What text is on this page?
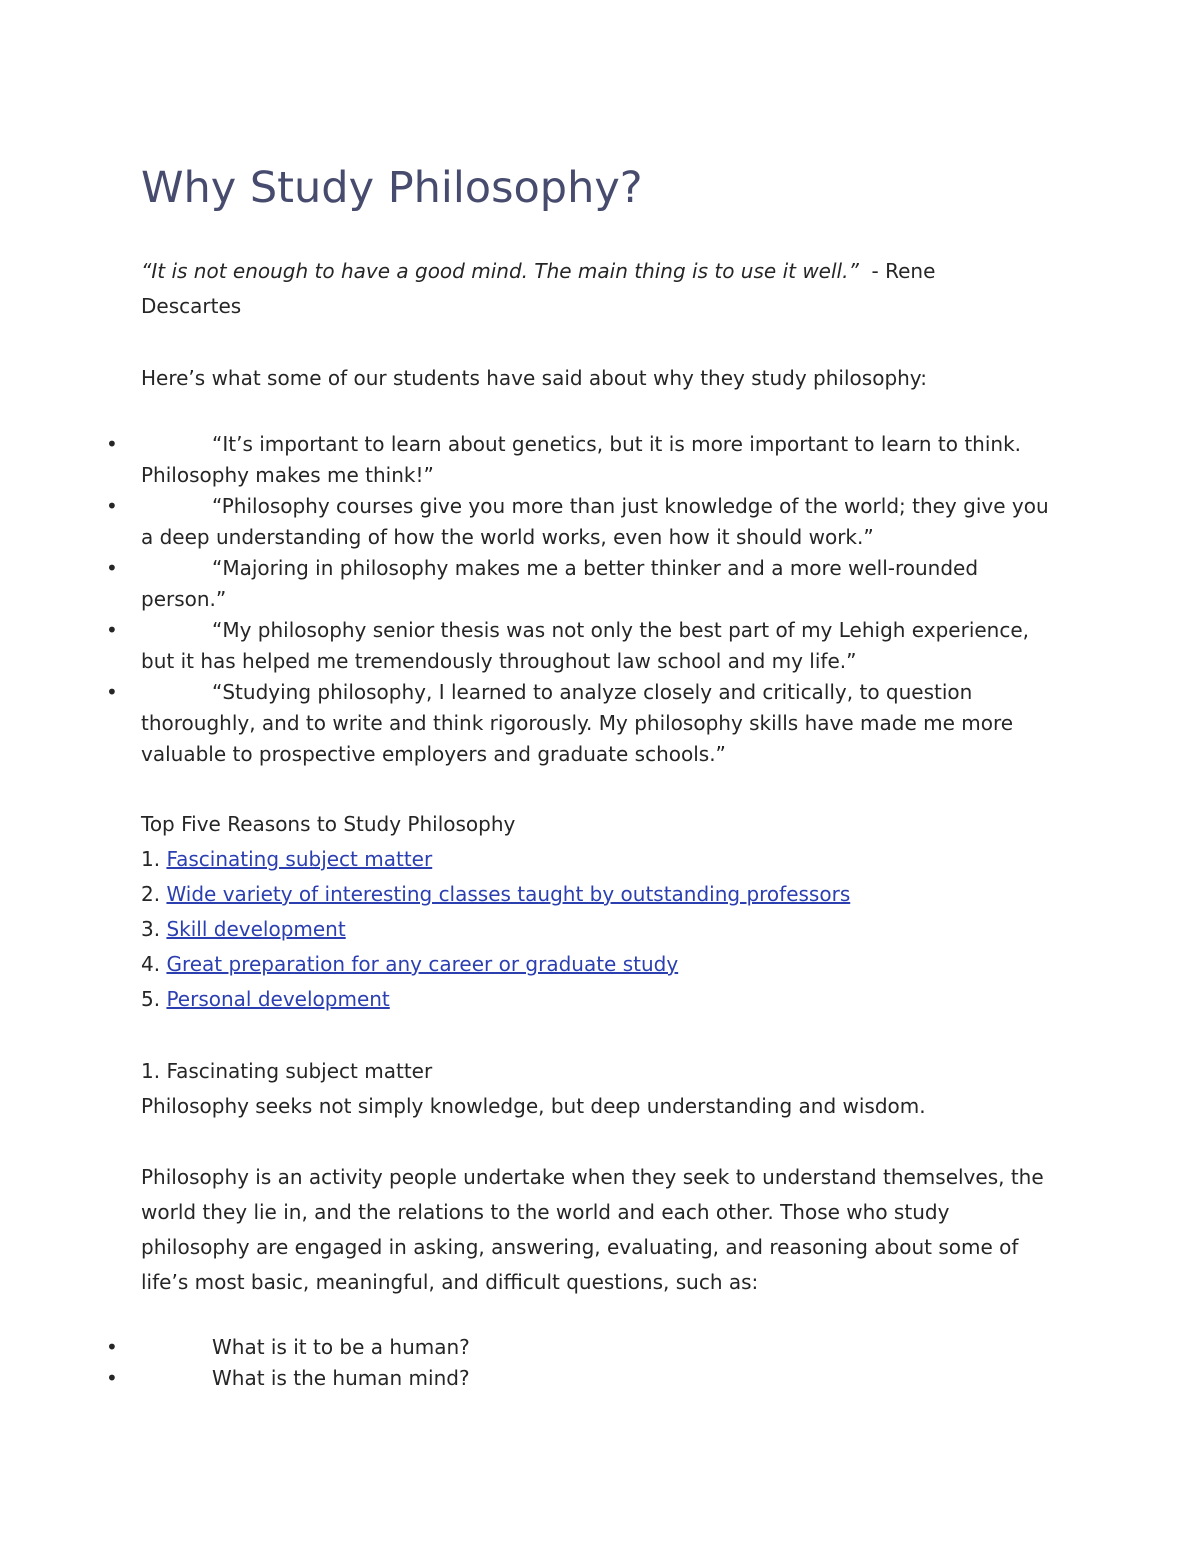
Why Study Philosophy?
“It is not enough to have a good mind. The main thing is to use it well.” - Rene Descartes
Here’s what some of our students have said about why they study philosophy:
•	“It’s important to learn about genetics, but it is more important to learn to think. Philosophy makes me think!”
•	“Philosophy courses give you more than just knowledge of the world; they give you a deep understanding of how the world works, even how it should work.”
•	“Majoring in philosophy makes me a better thinker and a more well-rounded person.”
•	“My philosophy senior thesis was not only the best part of my Lehigh experience, but it has helped me tremendously throughout law school and my life.”
•	“Studying philosophy, I learned to analyze closely and critically, to question thoroughly, and to write and think rigorously. My philosophy skills have made me more valuable to prospective employers and graduate schools.”
Top Five Reasons to Study Philosophy
1. Fascinating subject matter
2. Wide variety of interesting classes taught by outstanding professors
3. Skill development
4. Great preparation for any career or graduate study
5. Personal development
1. Fascinating subject matter
Philosophy seeks not simply knowledge, but deep understanding and wisdom.
Philosophy is an activity people undertake when they seek to understand themselves, the world they lie in, and the relations to the world and each other. Those who study philosophy are engaged in asking, answering, evaluating, and reasoning about some of life’s most basic, meaningful, and difficult questions, such as:
•	What is it to be a human?
•	What is the human mind?
